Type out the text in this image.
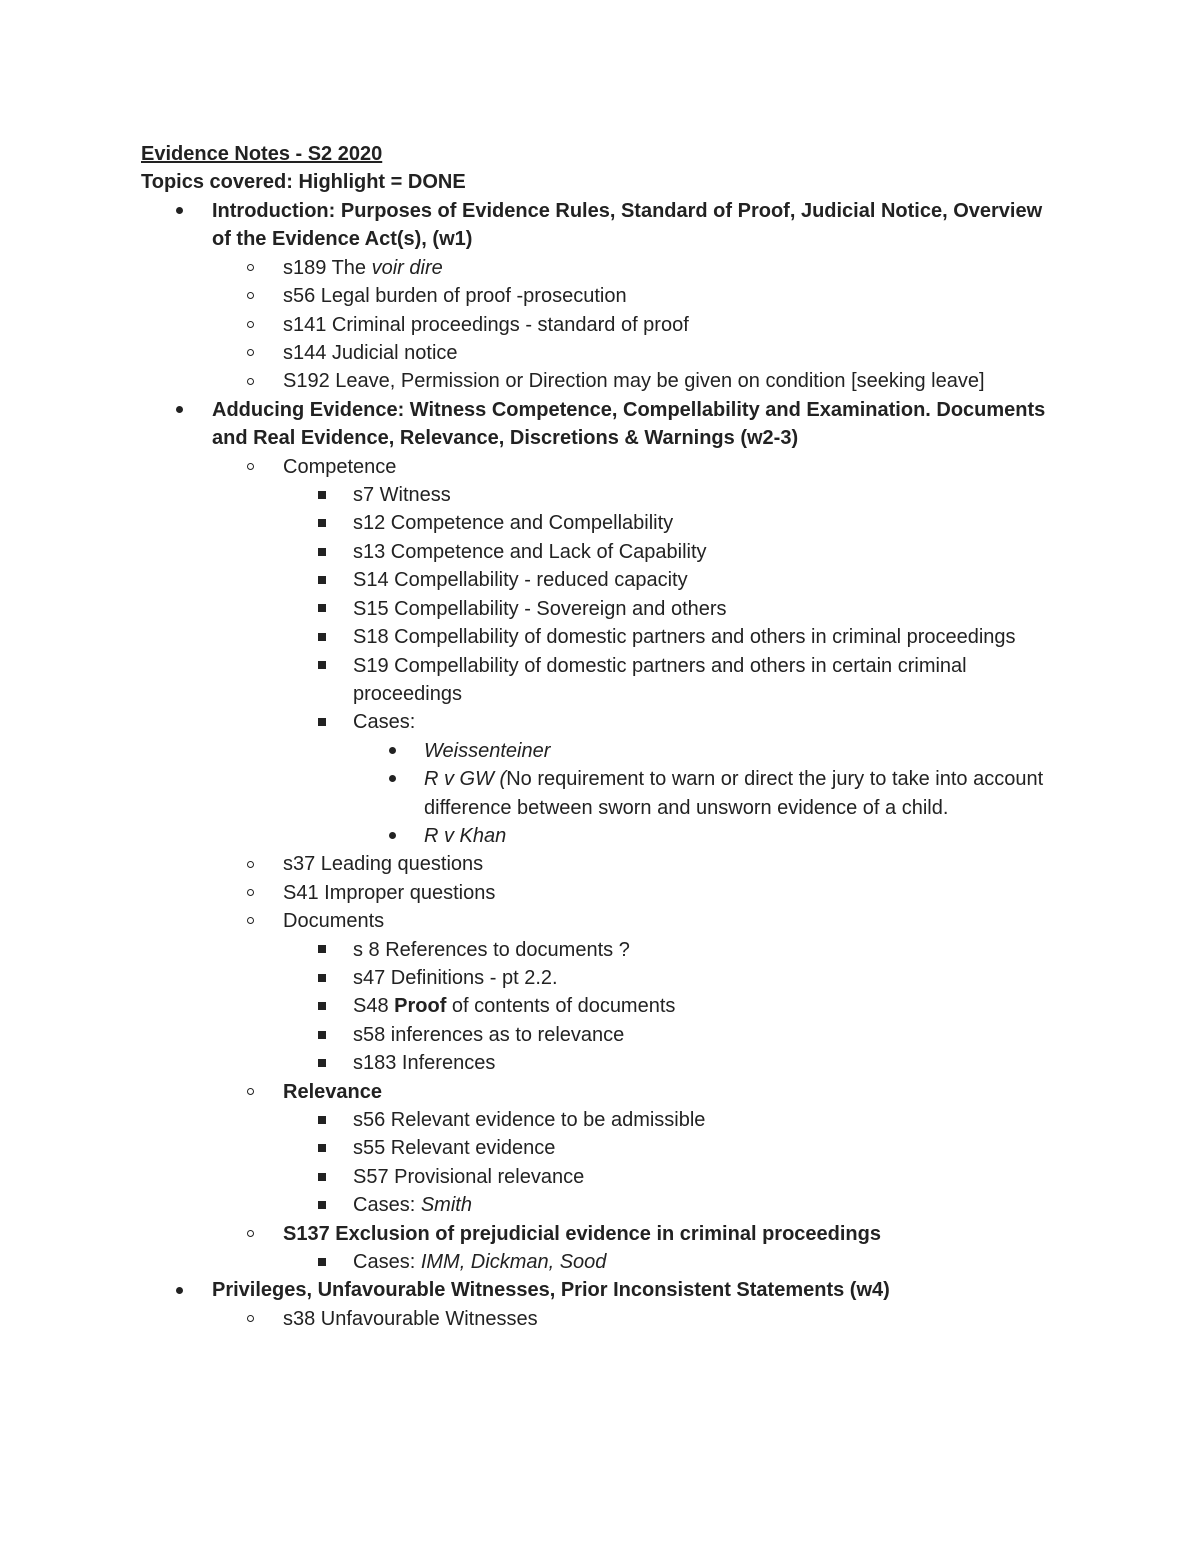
Evidence Notes - S2 2020
Topics covered: Highlight = DONE
Introduction: Purposes of Evidence Rules, Standard of Proof, Judicial Notice, Overview of the Evidence Act(s), (w1)
s189 The voir dire
s56 Legal burden of proof -prosecution
s141 Criminal proceedings - standard of proof
s144 Judicial notice
S192 Leave, Permission or Direction may be given on condition [seeking leave]
Adducing Evidence: Witness Competence, Compellability and Examination. Documents and Real Evidence, Relevance, Discretions & Warnings (w2-3)
Competence
s7 Witness
s12 Competence and Compellability
s13 Competence and Lack of Capability
S14 Compellability - reduced capacity
S15 Compellability - Sovereign and others
S18 Compellability of domestic partners and others in criminal proceedings
S19 Compellability of domestic partners and others in certain criminal proceedings
Cases:
Weissenteiner
R v GW (No requirement to warn or direct the jury to take into account difference between sworn and unsworn evidence of a child.
R v Khan
s37 Leading questions
S41 Improper questions
Documents
s 8 References to documents ?
s47 Definitions - pt 2.2.
S48 Proof of contents of documents
s58 inferences as to relevance
s183 Inferences
Relevance
s56 Relevant evidence to be admissible
s55 Relevant evidence
S57 Provisional relevance
Cases: Smith
S137 Exclusion of prejudicial evidence in criminal proceedings
Cases: IMM, Dickman, Sood
Privileges, Unfavourable Witnesses, Prior Inconsistent Statements (w4)
s38 Unfavourable Witnesses
